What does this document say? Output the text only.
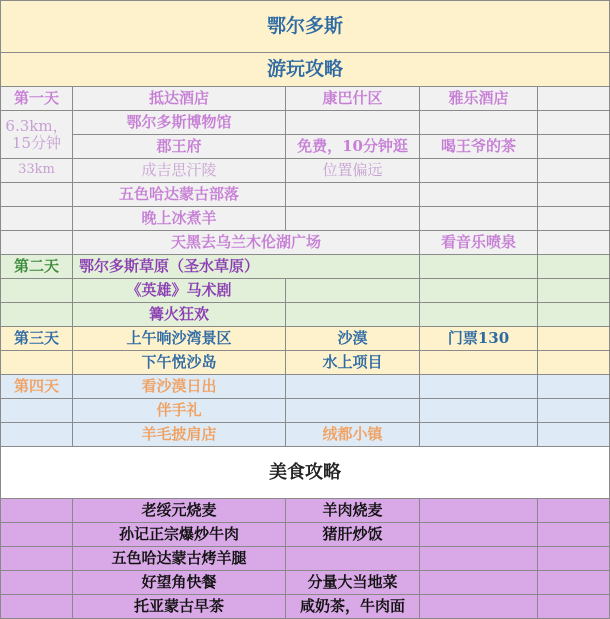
鄂尔多斯				
游玩攻略				
第一天	抵达酒店	康巴什区	雅乐酒店	
6.3km，15分钟	鄂尔多斯博物馆			
	郡王府	免费，10分钟逛	喝王爷的茶	
33km	成吉思汗陵	位置偏远		
	五色哈达蒙古部落			
	晚上冰煮羊			
	天黑去乌兰木伦湖广场		看音乐喷泉	
第二天	鄂尔多斯草原（圣水草原）			
	《英雄》马术剧			
	篝火狂欢			
第三天	上午响沙湾景区	沙漠	门票130	
	下午悦沙岛	水上项目		
第四天	看沙漠日出			
	伴手礼			
	羊毛披肩店	绒都小镇		
美食攻略				
	老绥元烧麦	羊肉烧麦		
	孙记正宗爆炒牛肉	猪肝炒饭		
	五色哈达蒙古烤羊腿			
	好望角快餐	分量大当地菜		
	托亚蒙古早茶	咸奶茶，牛肉面		
